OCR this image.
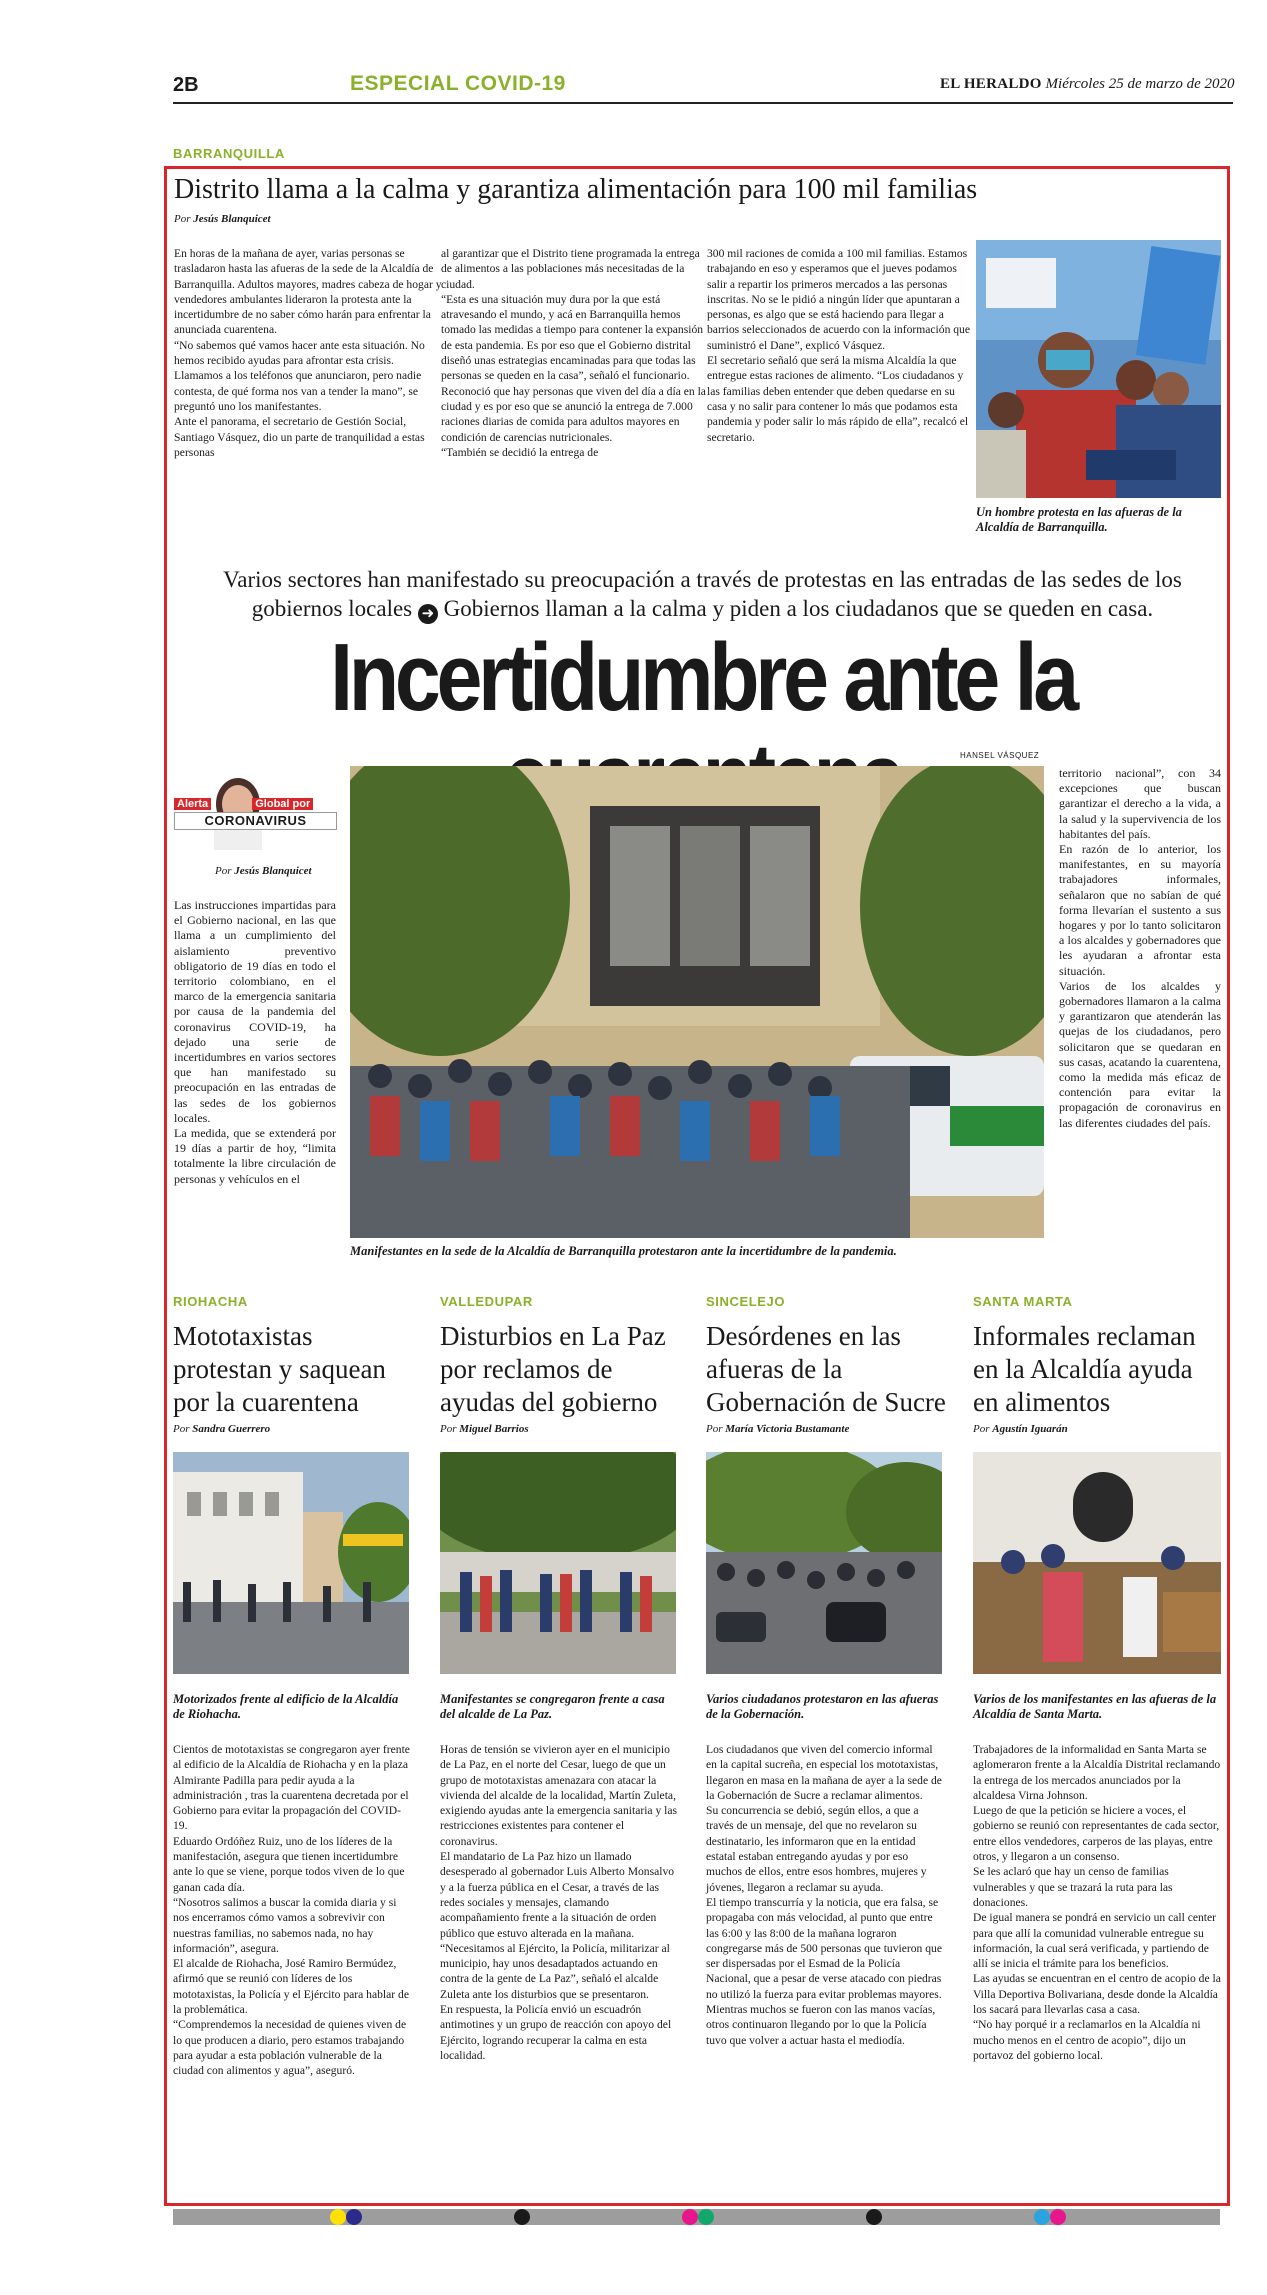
2B	ESPECIAL COVID-19	EL HERALDO Miércoles 25 de marzo de 2020
BARRANQUILLA
Distrito llama a la calma y garantiza alimentación para 100 mil familias
Por Jesús Blanquicet
En horas de la mañana de ayer, varias personas se trasladaron hasta las afueras de la sede de la Alcaldía de Barranquilla. Adultos mayores, madres cabeza de hogar y vendedores ambulantes lideraron la protesta ante la incertidumbre de no saber cómo harán para enfrentar la anunciada cuarentena.
“No sabemos qué vamos hacer ante esta situación. No hemos recibido ayudas para afrontar esta crisis. Llamamos a los teléfonos que anunciaron, pero nadie contesta, de qué forma nos van a tender la mano”, se preguntó uno los manifestantes.
Ante el panorama, el secretario de Gestión Social, Santiago Vásquez, dio un parte de tranquilidad a estas personas
al garantizar que el Distrito tiene programada la entrega de alimentos a las poblaciones más necesitadas de la ciudad.
“Esta es una situación muy dura por la que está atravesando el mundo, y acá en Barranquilla hemos tomado las medidas a tiempo para contener la expansión de esta pandemia. Es por eso que el Gobierno distrital diseñó unas estrategias encaminadas para que todas las personas se queden en la casa”, señaló el funcionario.
Reconoció que hay personas que viven del día a día en la ciudad y es por eso que se anunció la entrega de 7.000 raciones diarias de comida para adultos mayores en condición de carencias nutricionales.
“También se decidió la entrega de
300 mil raciones de comida a 100 mil familias. Estamos trabajando en eso y esperamos que el jueves podamos salir a repartir los primeros mercados a las personas inscritas. No se le pidió a ningún líder que apuntaran a personas, es algo que se está haciendo para llegar a barrios seleccionados de acuerdo con la información que suministró el Dane”, explicó Vásquez.
El secretario señaló que será la misma Alcaldía la que entregue estas raciones de alimento. “Los ciudadanos y las familias deben entender que deben quedarse en su casa y no salir para contener lo más que podamos esta pandemia y poder salir lo más rápido de ella”, recalcó el secretario.
Un hombre protesta en las afueras de la Alcaldía de Barranquilla.
Varios sectores han manifestado su preocupación a través de protestas en las entradas de las sedes de los gobiernos locales ➜ Gobiernos llaman a la calma y piden a los ciudadanos que se queden en casa.
Incertidumbre ante la
HANSEL VÁSQUEZ
Alerta	Global por
CORONAVIRUS
Por Jesús Blanquicet
Las instrucciones impartidas para el Gobierno nacional, en las que llama a un cumplimiento del aislamiento preventivo obligatorio de 19 días en todo el territorio colombiano, en el marco de la emergencia sanitaria por causa de la pandemia del coronavirus COVID-19, ha dejado una serie de incertidumbres en varios sectores que han manifestado su preocupación en las entradas de las sedes de los gobiernos locales.
La medida, que se extenderá por 19 días a partir de hoy, “limita totalmente la libre circulación de personas y vehículos en el
Manifestantes en la sede de la Alcaldía de Barranquilla protestaron ante la incertidumbre de la pandemia.
territorio nacional”, con 34 excepciones que buscan garantizar el derecho a la vida, a la salud y la supervivencia de los habitantes del país.
En razón de lo anterior, los manifestantes, en su mayoría trabajadores informales, señalaron que no sabían de qué forma llevarían el sustento a sus hogares y por lo tanto solicitaron a los alcaldes y gobernadores que les ayudaran a afrontar esta situación.
Varios de los alcaldes y gobernadores llamaron a la calma y garantizaron que atenderán las quejas de los ciudadanos, pero solicitaron que se quedaran en sus casas, acatando la cuarentena, como la medida más eficaz de contención para evitar la propagación de coronavirus en las diferentes ciudades del país.
RIOHACHA	VALLEDUPAR	SINCELEJO	SANTA MARTA
Mototaxistas protestan y saquean por la cuarentena
Disturbios en La Paz por reclamos de ayudas del gobierno
Desórdenes en las afueras de la Gobernación de Sucre
Informales reclaman en la Alcaldía ayuda en alimentos
Por Sandra Guerrero	Por Miguel Barrios	Por María Victoria Bustamante	Por Agustín Iguarán
Motorizados frente al edificio de la Alcaldía de Riohacha.
Manifestantes se congregaron frente a casa del alcalde de La Paz.
Varios ciudadanos protestaron en las afueras de la Gobernación.
Varios de los manifestantes en las afueras de la Alcaldía de Santa Marta.
Cientos de mototaxistas se congregaron ayer frente al edificio de la Alcaldía de Riohacha y en la plaza Almirante Padilla para pedir ayuda a la administración , tras la cuarentena decretada por el Gobierno para evitar la propagación del COVID-19.
Eduardo Ordóñez Ruiz, uno de los líderes de la manifestación, asegura que tienen incertidumbre ante lo que se viene, porque todos viven de lo que ganan cada día.
“Nosotros salimos a buscar la comida diaria y si nos encerramos cómo vamos a sobrevivir con nuestras familias, no sabemos nada, no hay información”, asegura.
El alcalde de Riohacha, José Ramiro Bermúdez, afirmó que se reunió con líderes de los mototaxistas, la Policía y el Ejército para hablar de la problemática.
“Comprendemos la necesidad de quienes viven de lo que producen a diario, pero estamos trabajando para ayudar a esta población vulnerable de la ciudad con alimentos y agua”, aseguró.
Horas de tensión se vivieron ayer en el municipio de La Paz, en el norte del Cesar, luego de que un grupo de mototaxistas amenazara con atacar la vivienda del alcalde de la localidad, Martín Zuleta, exigiendo ayudas ante la emergencia sanitaria y las restricciones existentes para contener el coronavirus.
El mandatario de La Paz hizo un llamado desesperado al gobernador Luis Alberto Monsalvo y a la fuerza pública en el Cesar, a través de las redes sociales y mensajes, clamando acompañamiento frente a la situación de orden público que estuvo alterada en la mañana.
“Necesitamos al Ejército, la Policía, militarizar al municipio, hay unos desadaptados actuando en contra de la gente de La Paz”, señaló el alcalde Zuleta ante los disturbios que se presentaron.
En respuesta, la Policía envió un escuadrón antimotines y un grupo de reacción con apoyo del Ejército, logrando recuperar la calma en esta localidad.
Los ciudadanos que viven del comercio informal en la capital sucreña, en especial los mototaxistas, llegaron en masa en la mañana de ayer a la sede de la Gobernación de Sucre a reclamar alimentos.
Su concurrencia se debió, según ellos, a que a través de un mensaje, del que no revelaron su destinatario, les informaron que en la entidad estatal estaban entregando ayudas y por eso muchos de ellos, entre esos hombres, mujeres y jóvenes, llegaron a reclamar su ayuda.
El tiempo transcurría y la noticia, que era falsa, se propagaba con más velocidad, al punto que entre las 6:00 y las 8:00 de la mañana lograron congregarse más de 500 personas que tuvieron que ser dispersadas por el Esmad de la Policía Nacional, que a pesar de verse atacado con piedras no utilizó la fuerza para evitar problemas mayores.
Mientras muchos se fueron con las manos vacías, otros continuaron llegando por lo que la Policía tuvo que volver a actuar hasta el mediodía.
Trabajadores de la informalidad en Santa Marta se aglomeraron frente a la Alcaldía Distrital reclamando la entrega de los mercados anunciados por la alcaldesa Virna Johnson.
Luego de que la petición se hiciere a voces, el gobierno se reunió con representantes de cada sector, entre ellos vendedores, carperos de las playas, entre otros, y llegaron a un consenso.
Se les aclaró que hay un censo de familias vulnerables y que se trazará la ruta para las donaciones.
De igual manera se pondrá en servicio un call center para que allí la comunidad vulnerable entregue su información, la cual será verificada, y partiendo de allí se inicia el trámite para los beneficios.
Las ayudas se encuentran en el centro de acopio de la Villa Deportiva Bolivariana, desde donde la Alcaldía los sacará para llevarlas casa a casa.
“No hay porqué ir a reclamarlos en la Alcaldía ni mucho menos en el centro de acopio”, dijo un portavoz del gobierno local.
